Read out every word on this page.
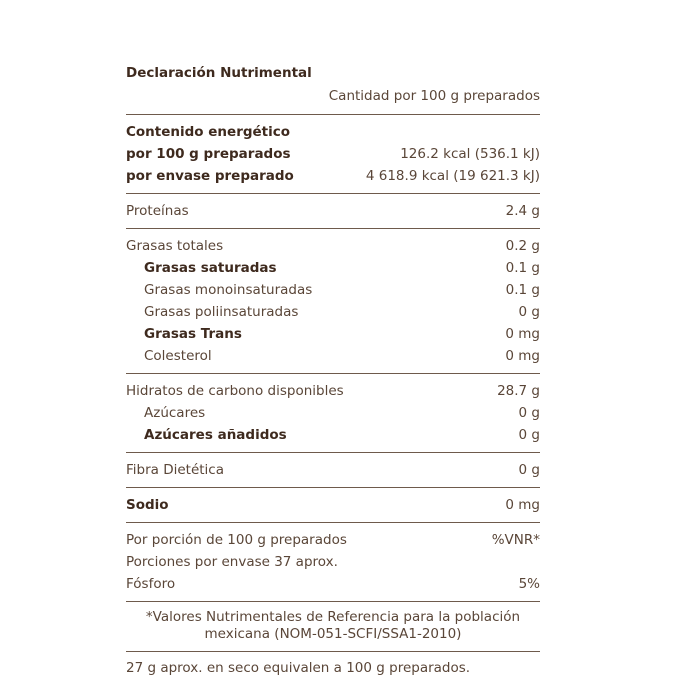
Declaración Nutrimental
Cantidad por 100 g preparados
Contenido energético
por 100 g preparados	126.2 kcal (536.1 kJ)
por envase preparado	4 618.9 kcal (19 621.3 kJ)
Proteínas	2.4 g
Grasas totales	0.2 g
Grasas saturadas	0.1 g
Grasas monoinsaturadas	0.1 g
Grasas poliinsaturadas	0 g
Grasas Trans	0 mg
Colesterol	0 mg
Hidratos de carbono disponibles	28.7 g
Azúcares	0 g
Azúcares añadidos	0 g
Fibra Dietética	0 g
Sodio	0 mg
Por porción de 100 g preparados	%VNR*
Porciones por envase 37 aprox.
Fósforo	5%
*Valores Nutrimentales de Referencia para la población
mexicana (NOM-051-SCFI/SSA1-2010)
27 g aprox. en seco equivalen a 100 g preparados.
